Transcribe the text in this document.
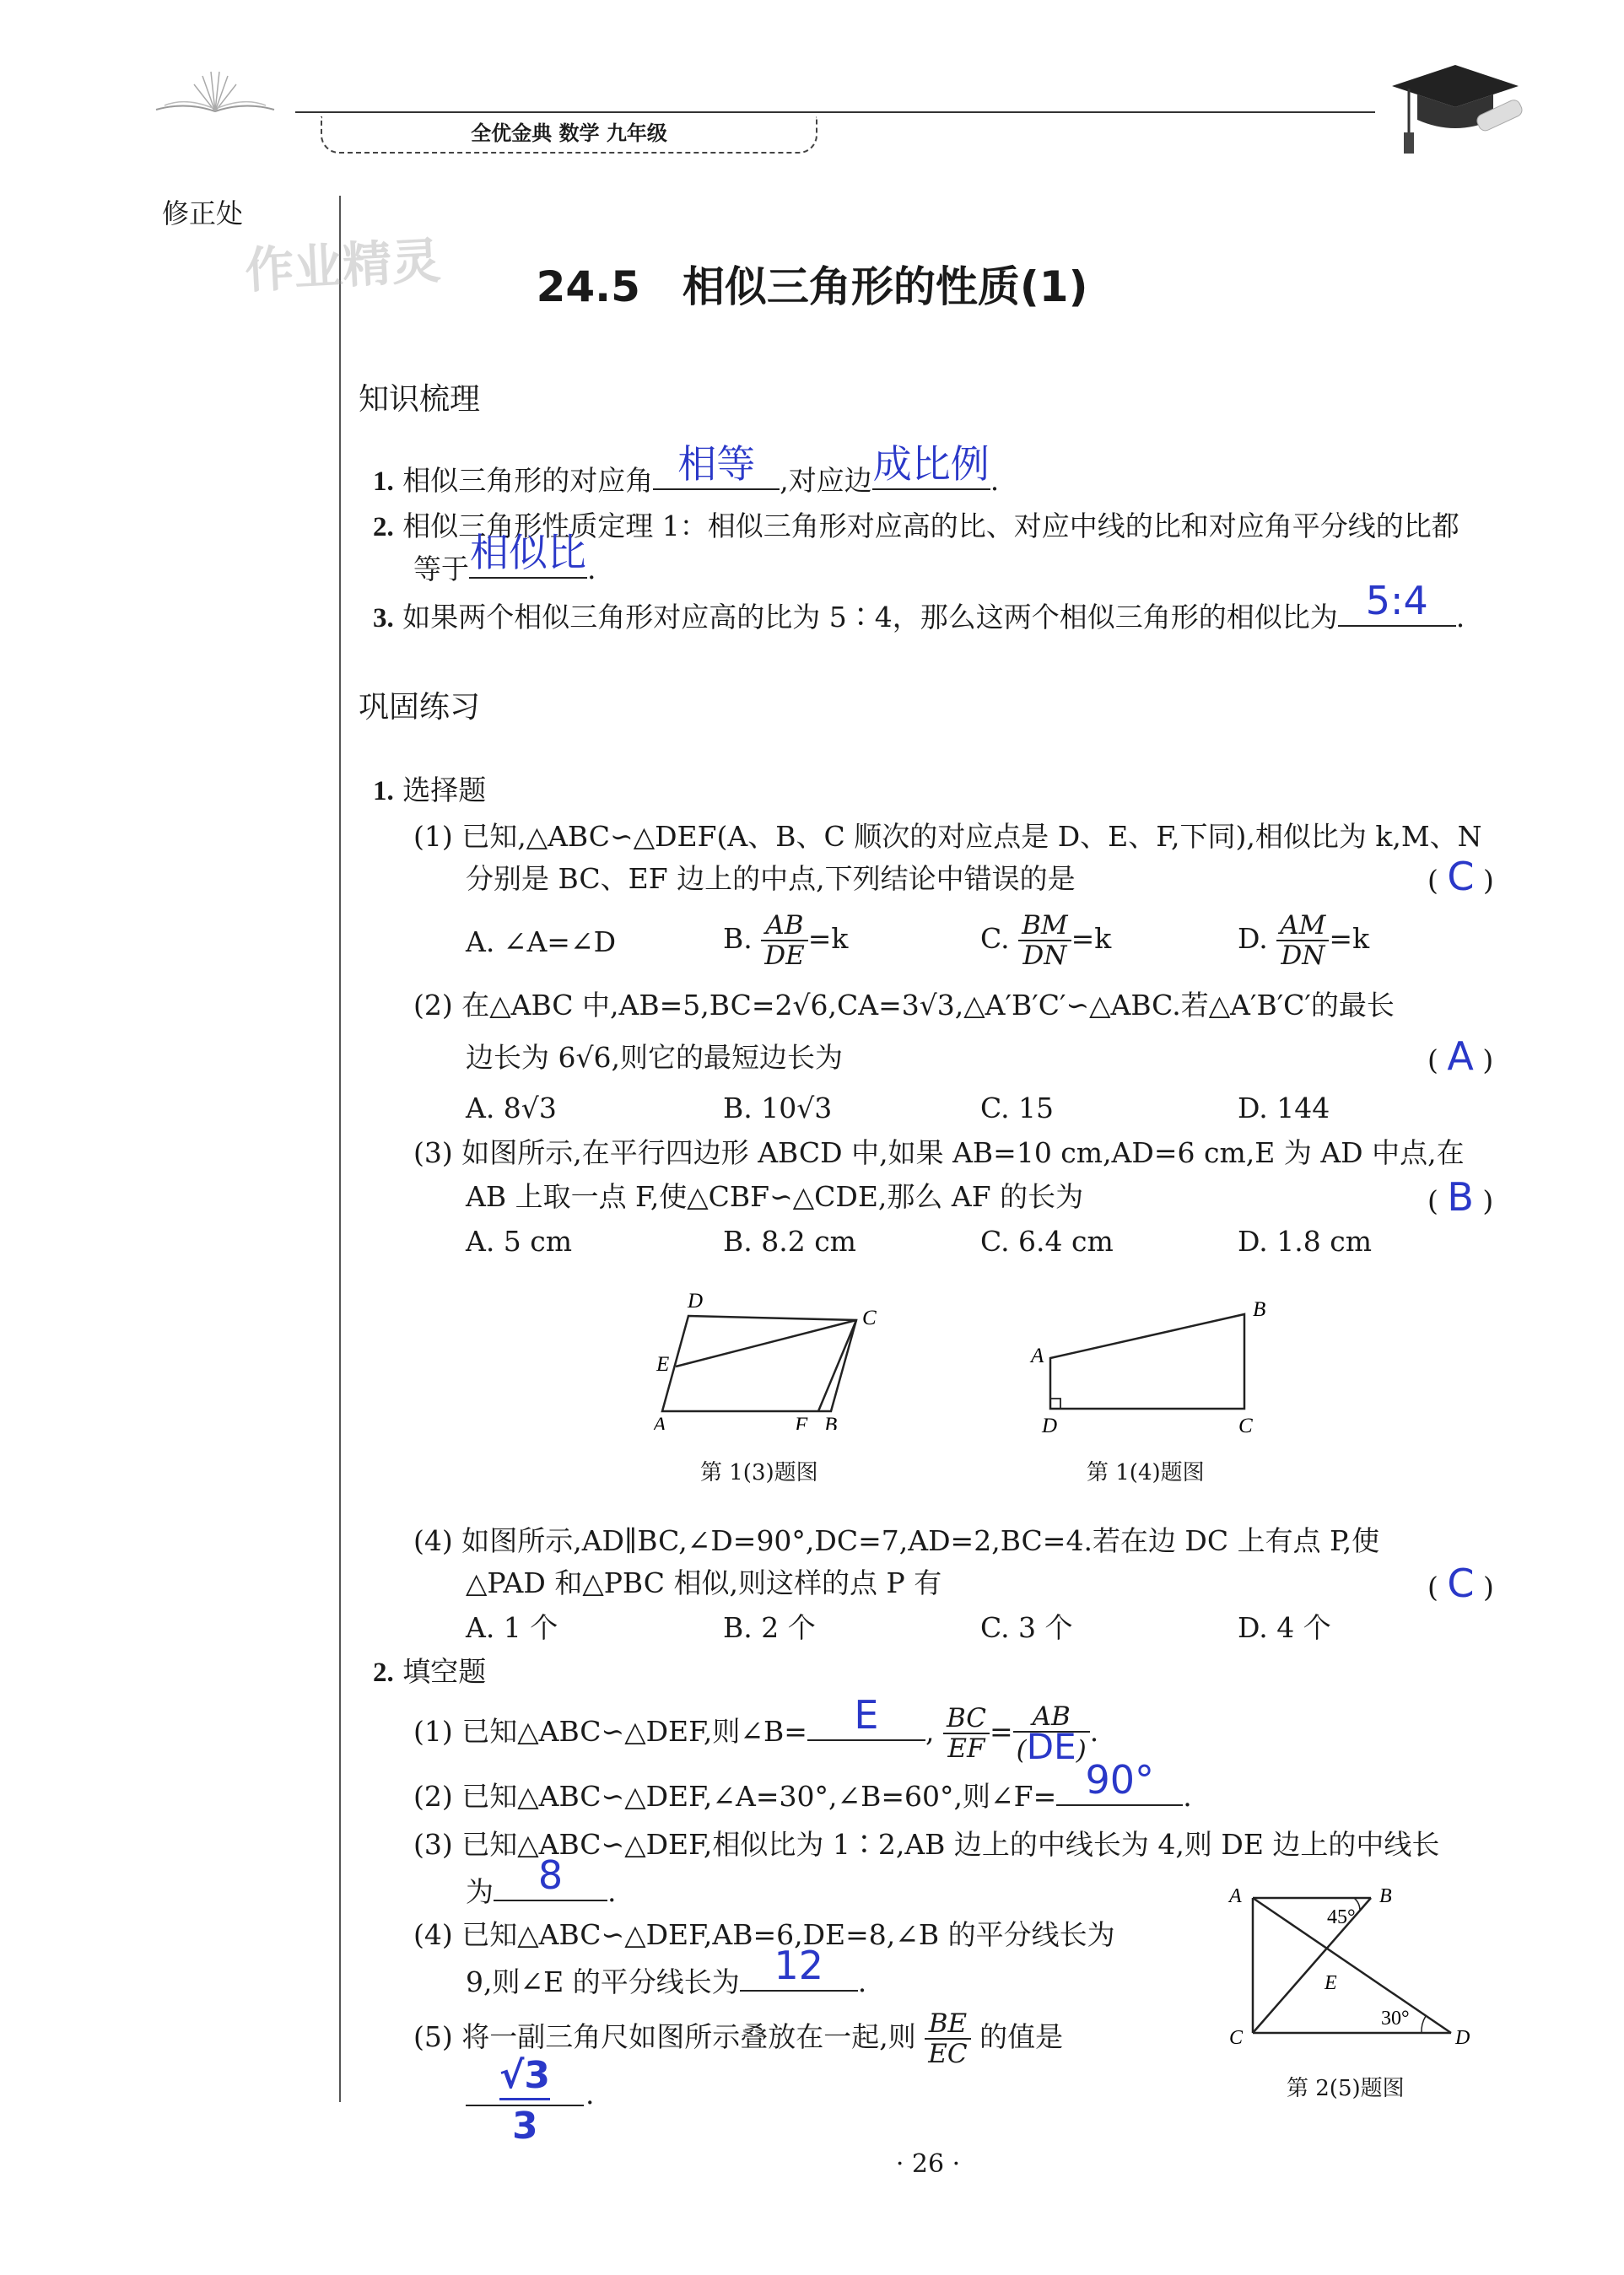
全优金典 数学 九年级
修正处
作业精灵	24.5　相似三角形的性质(1)
知识梳理
1. 相似三角形的对应角 相等 ,对应边 成比例 .
2. 相似三角形性质定理 1：相似三角形对应高的比、对应中线的比和对应角平分线的比都
等于 相似比 .
3. 如果两个相似三角形对应高的比为 5∶4，那么这两个相似三角形的相似比为 5:4 .
巩固练习
1. 选择题
(1) 已知,△ABC∽△DEF(A、B、C 顺次的对应点是 D、E、F,下同),相似比为 k,M、N
分别是 BC、EF 边上的中点,下列结论中错误的是	( C )
A. ∠A=∠D	B. $\frac{AB}{DE} =k$	C. $\frac{BM}{DN} =k$	D. $\frac{AM}{DN} =k$
(2) 在△ABC 中,AB=5,BC=2√6,CA=3√3,△A′B′C′∽△ABC.若△A′B′C′的最长
边长为 6√6,则它的最短边长为	( A )
A. 8√3	B. 10√3	C. 15	D. 144
(3) 如图所示,在平行四边形 ABCD 中,如果 AB=10 cm,AD=6 cm,E 为 AD 中点,在
AB 上取一点 F,使△CBF∽△CDE,那么 AF 的长为	( B )
A. 5 cm	B. 8.2 cm	C. 6.4 cm	D. 1.8 cm
D
C
E
A	F B
第 1(3)题图
A
B
D	C
第 1(4)题图
(4) 如图所示,AD∥BC,∠D=90°,DC=7,AD=2,BC=4.若在边 DC 上有点 P,使
△PAD 和△PBC 相似,则这样的点 P 有	( C )
A. 1 个	B. 2 个	C. 3 个	D. 4 个
2. 填空题
(1) 已知△ABC∽△DEF,则∠B=	E	, $\frac{BC}{EF} = \frac{AB}{(DE)}$ .
(2) 已知△ABC∽△DEF,∠A=30°,∠B=60°,则∠F= 90°	.
(3) 已知△ABC∽△DEF,相似比为 1∶2,AB 边上的中线长为 4,则 DE 边上的中线长
为	8	.
(4) 已知△ABC∽△DEF,AB=6,DE=8,∠B 的平分线长为
9,则∠E 的平分线长为 12	.
(5) 将一副三角尺如图所示叠放在一起,则 $\frac{BE}{EC}$ 的值是
√3
3
.
A	B
45°
E
30°
C	D
第 2(5)题图
· 26 ·
